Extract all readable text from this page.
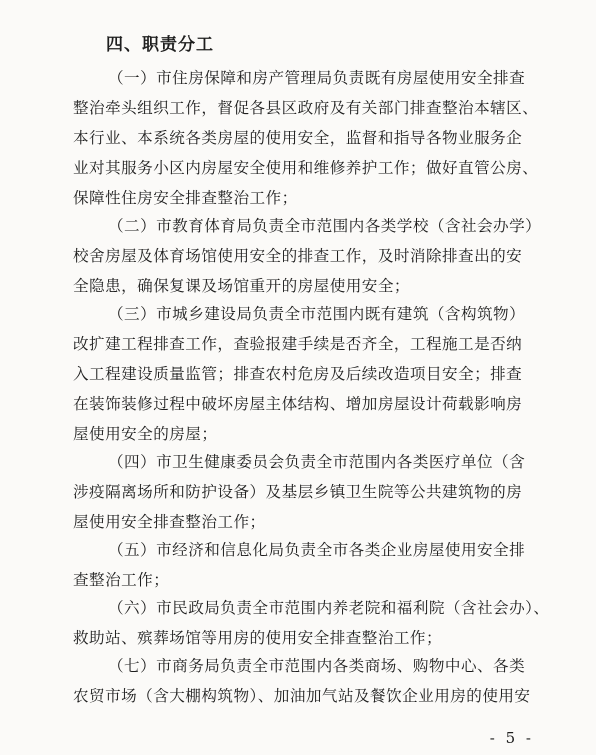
四、职责分工
（一）市住房保障和房产管理局负责既有房屋使用安全排查
整治牵头组织工作，督促各县区政府及有关部门排查整治本辖区、
本行业、本系统各类房屋的使用安全，监督和指导各物业服务企
业对其服务小区内房屋安全使用和维修养护工作；做好直管公房、
保障性住房安全排查整治工作；
（二）市教育体育局负责全市范围内各类学校（含社会办学）
校舍房屋及体育场馆使用安全的排查工作，及时消除排查出的安
全隐患，确保复课及场馆重开的房屋使用安全；
（三）市城乡建设局负责全市范围内既有建筑（含构筑物）
改扩建工程排查工作，查验报建手续是否齐全，工程施工是否纳
入工程建设质量监管；排查农村危房及后续改造项目安全；排查
在装饰装修过程中破坏房屋主体结构、增加房屋设计荷载影响房
屋使用安全的房屋；
（四）市卫生健康委员会负责全市范围内各类医疗单位（含
涉疫隔离场所和防护设备）及基层乡镇卫生院等公共建筑物的房
屋使用安全排查整治工作；
（五）市经济和信息化局负责全市各类企业房屋使用安全排
查整治工作；
（六）市民政局负责全市范围内养老院和福利院（含社会办）、
救助站、殡葬场馆等用房的使用安全排查整治工作；
（七）市商务局负责全市范围内各类商场、购物中心、各类
农贸市场（含大棚构筑物）、加油加气站及餐饮企业用房的使用安
- 5 -
